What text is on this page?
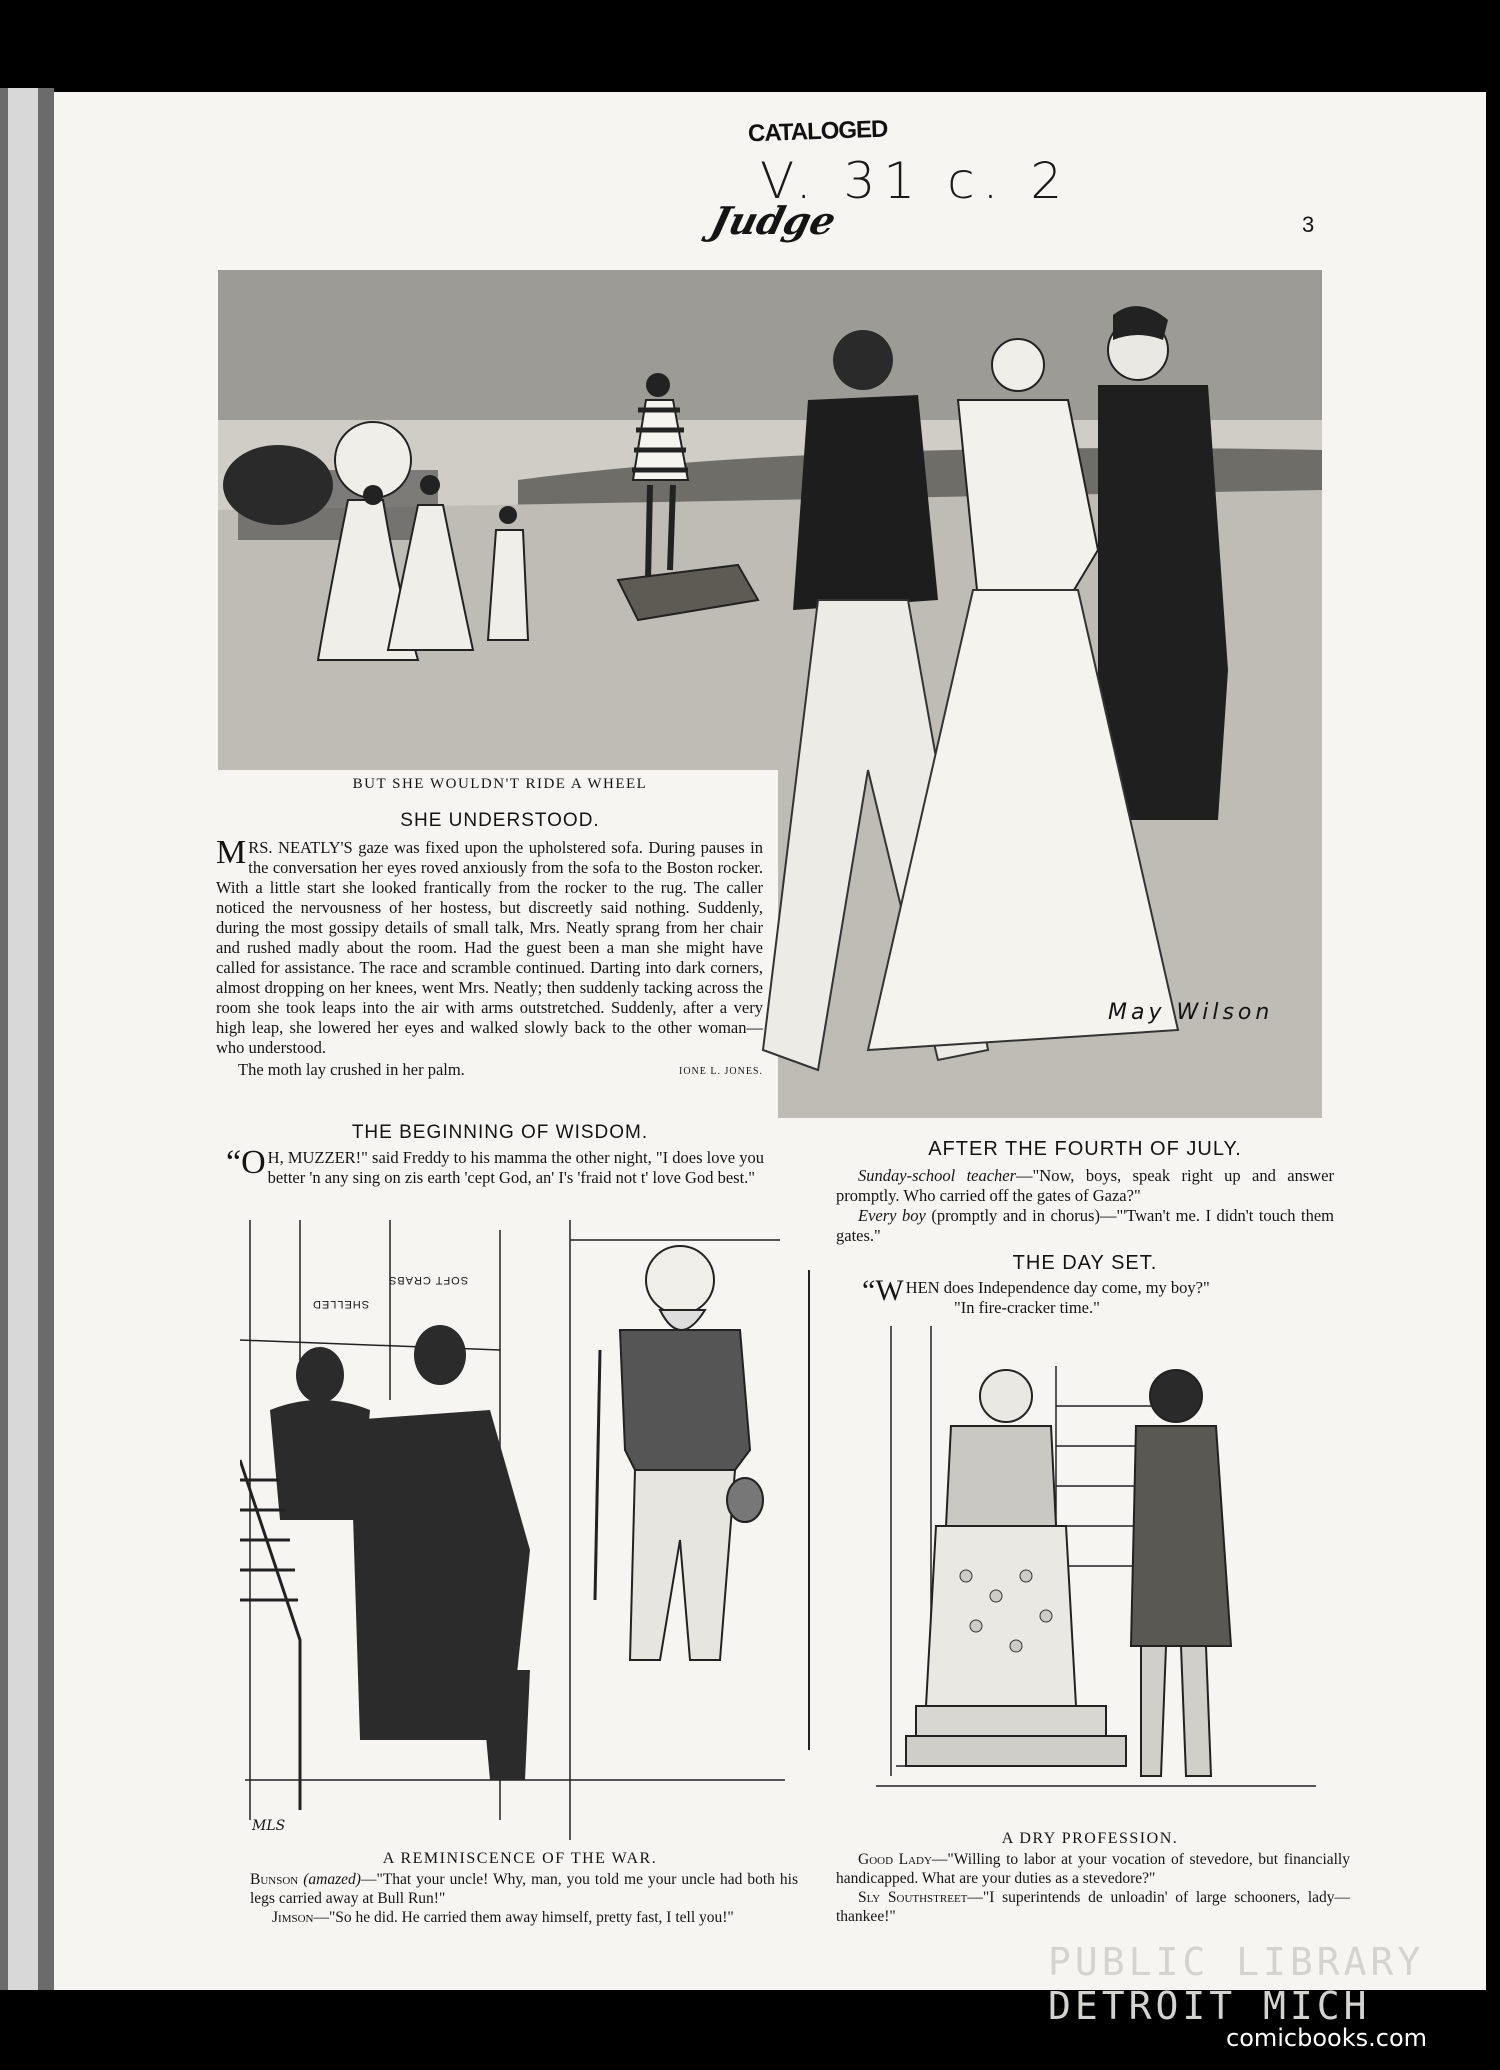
CATALOGED
V. 31 c. 2
Judge	3
BUT SHE WOULDN'T RIDE A WHEEL
May Wilson
SHE UNDERSTOOD.

MRS. NEATLY'S gaze was fixed upon the upholstered sofa. During pauses in the conversation her eyes roved anxiously from the sofa to the Boston rocker. With a little start she looked frantically from the rocker to the rug. The caller noticed the nervousness of her hostess, but discreetly said nothing. Suddenly, during the most gossipy details of small talk, Mrs. Neatly sprang from her chair and rushed madly about the room. Had the guest been a man she might have called for assistance. The race and scramble continued. Darting into dark corners, almost dropping on her knees, went Mrs. Neatly; then suddenly tacking across the room she took leaps into the air with arms outstretched. Suddenly, after a very high leap, she lowered her eyes and walked slowly back to the other woman—who understood.

The moth lay crushed in her palm.	IONE L. JONES.

THE BEGINNING OF WISDOM.

“O H, MUZZER!" said Freddy to his mamma the other night, "I does love you better 'n any sing on zis earth 'cept God, an' I's 'fraid not t' love God best."

SOFT CRABS
SHELLED
MLS
A REMINISCENCE OF THE WAR.

Bunson (amazed)—"That your uncle! Why, man, you told me your uncle had both his legs carried away at Bull Run!"

Jimson—"So he did. He carried them away himself, pretty fast, I tell you!"

AFTER THE FOURTH OF JULY.

Sunday-school teacher—"Now, boys, speak right up and answer promptly. Who carried off the gates of Gaza?"

Every boy (promptly and in chorus)—"'Twan't me. I didn't touch them gates."

THE DAY SET.

“W HEN does Independence day come, my boy?"

"In fire-cracker time."

A DRY PROFESSION.

Good Lady—"Willing to labor at your vocation of stevedore, but financially handicapped. What are your duties as a stevedore?"

Sly Southstreet—"I superintends de unloadin' of large schooners, lady—thankee!"

PUBLIC LIBRARY
DETROIT MICH
comicbooks.com
